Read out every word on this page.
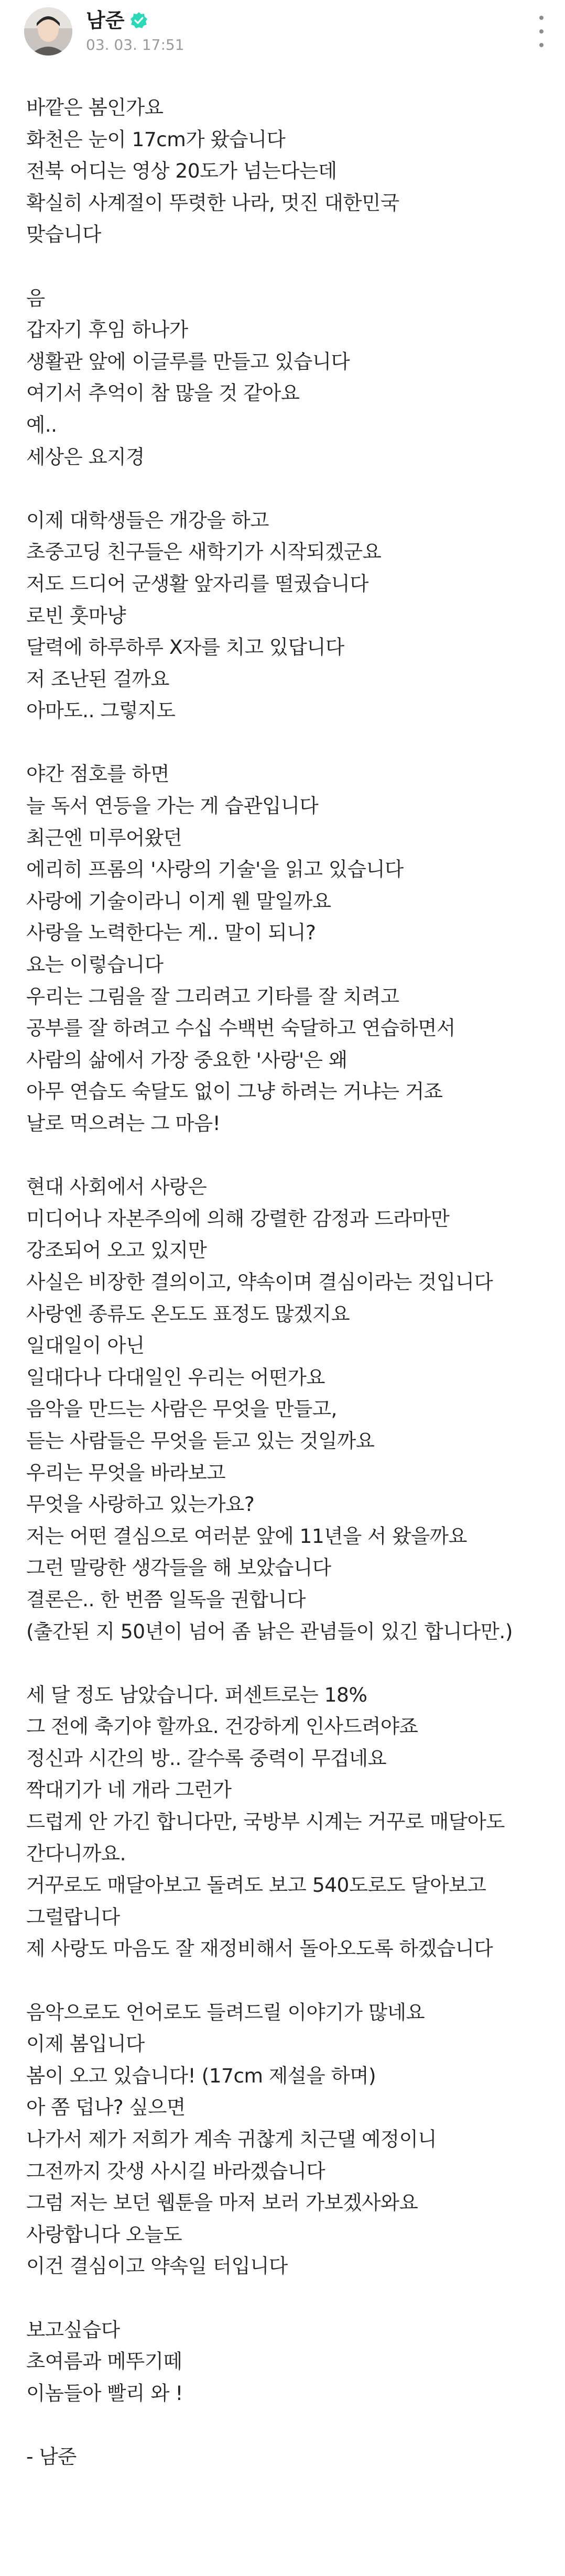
남준
03. 03. 17:51
바깥은 봄인가요
화천은 눈이 17cm가 왔습니다
전북 어디는 영상 20도가 넘는다는데
확실히 사계절이 뚜렷한 나라, 멋진 대한민국
맞습니다
음
갑자기 후임 하나가
생활관 앞에 이글루를 만들고 있습니다
여기서 추억이 참 많을 것 같아요
예..
세상은 요지경
이제 대학생들은 개강을 하고
초중고딩 친구들은 새학기가 시작되겠군요
저도 드디어 군생활 앞자리를 떨궜습니다
로빈 훗마냥
달력에 하루하루 X자를 치고 있답니다
저 조난된 걸까요
아마도.. 그렇지도
야간 점호를 하면
늘 독서 연등을 가는 게 습관입니다
최근엔 미루어왔던
에리히 프롬의 '사랑의 기술'을 읽고 있습니다
사랑에 기술이라니 이게 웬 말일까요
사랑을 노력한다는 게.. 말이 되니?
요는 이렇습니다
우리는 그림을 잘 그리려고 기타를 잘 치려고
공부를 잘 하려고 수십 수백번 숙달하고 연습하면서
사람의 삶에서 가장 중요한 '사랑'은 왜
아무 연습도 숙달도 없이 그냥 하려는 거냐는 거죠
날로 먹으려는 그 마음!
현대 사회에서 사랑은
미디어나 자본주의에 의해 강렬한 감정과 드라마만
강조되어 오고 있지만
사실은 비장한 결의이고, 약속이며 결심이라는 것입니다
사랑엔 종류도 온도도 표정도 많겠지요
일대일이 아닌
일대다나 다대일인 우리는 어떤가요
음악을 만드는 사람은 무엇을 만들고,
듣는 사람들은 무엇을 듣고 있는 것일까요
우리는 무엇을 바라보고
무엇을 사랑하고 있는가요?
저는 어떤 결심으로 여러분 앞에 11년을 서 왔을까요
그런 말랑한 생각들을 해 보았습니다
결론은.. 한 번쯤 일독을 권합니다
(출간된 지 50년이 넘어 좀 낡은 관념들이 있긴 합니다만.)
세 달 정도 남았습니다. 퍼센트로는 18%
그 전에 축기야 할까요. 건강하게 인사드려야죠
정신과 시간의 방.. 갈수록 중력이 무겁네요
짝대기가 네 개라 그런가
드럽게 안 가긴 합니다만, 국방부 시계는 거꾸로 매달아도
간다니까요.
거꾸로도 매달아보고 돌려도 보고 540도로도 달아보고
그럴랍니다
제 사랑도 마음도 잘 재정비해서 돌아오도록 하겠습니다
음악으로도 언어로도 들려드릴 이야기가 많네요
이제 봄입니다
봄이 오고 있습니다! (17cm 제설을 하며)
아 쫌 덥나? 싶으면
나가서 제가 저희가 계속 귀찮게 치근댈 예정이니
그전까지 갓생 사시길 바라겠습니다
그럼 저는 보던 웹툰을 마저 보러 가보겠사와요
사랑합니다 오늘도
이건 결심이고 약속일 터입니다
보고싶습다
초여름과 메뚜기떼
이놈들아 빨리 와 !
- 남준
